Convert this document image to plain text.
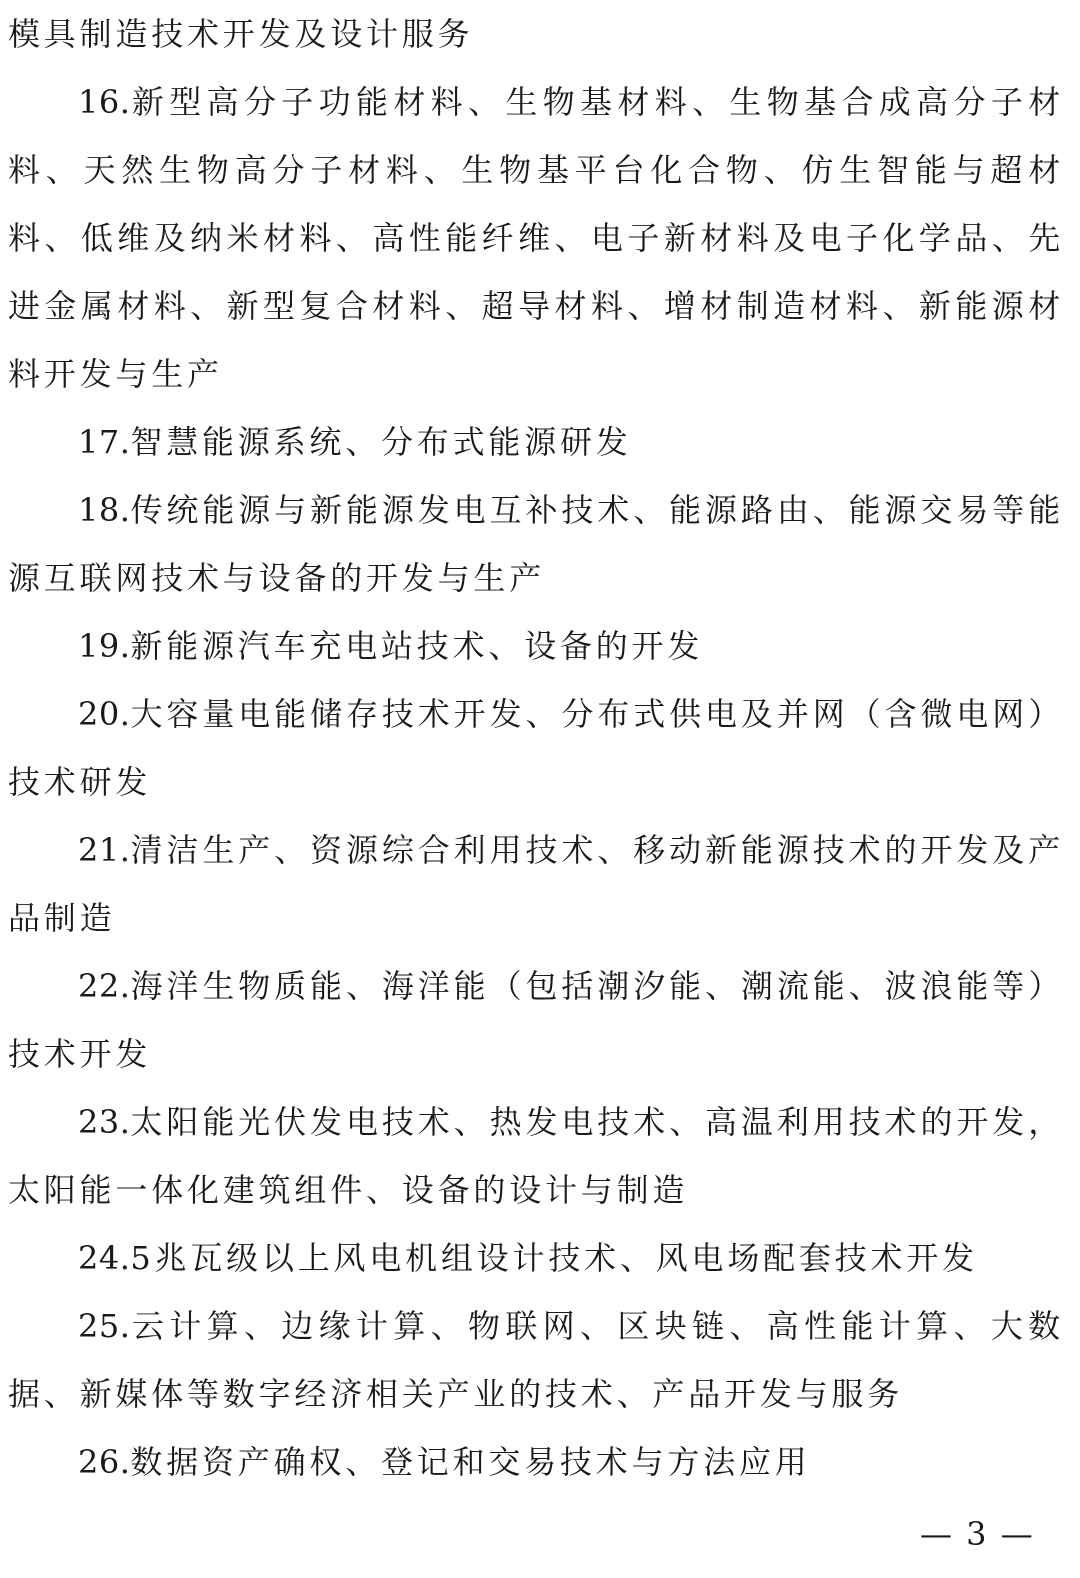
模具制造技术开发及设计服务

16.新型高分子功能材料、生物基材料、生物基合成高分子材料、天然生物高分子材料、生物基平台化合物、仿生智能与超材料、低维及纳米材料、高性能纤维、电子新材料及电子化学品、先进金属材料、新型复合材料、超导材料、增材制造材料、新能源材料开发与生产

17.智慧能源系统、分布式能源研发

18.传统能源与新能源发电互补技术、能源路由、能源交易等能源互联网技术与设备的开发与生产

19.新能源汽车充电站技术、设备的开发

20.大容量电能储存技术开发、分布式供电及并网（含微电网）技术研发

21.清洁生产、资源综合利用技术、移动新能源技术的开发及产品制造

22.海洋生物质能、海洋能（包括潮汐能、潮流能、波浪能等）技术开发

23.太阳能光伏发电技术、热发电技术、高温利用技术的开发，太阳能一体化建筑组件、设备的设计与制造

24.5兆瓦级以上风电机组设计技术、风电场配套技术开发

25.云计算、边缘计算、物联网、区块链、高性能计算、大数据、新媒体等数字经济相关产业的技术、产品开发与服务

26.数据资产确权、登记和交易技术与方法应用

— 3 —
